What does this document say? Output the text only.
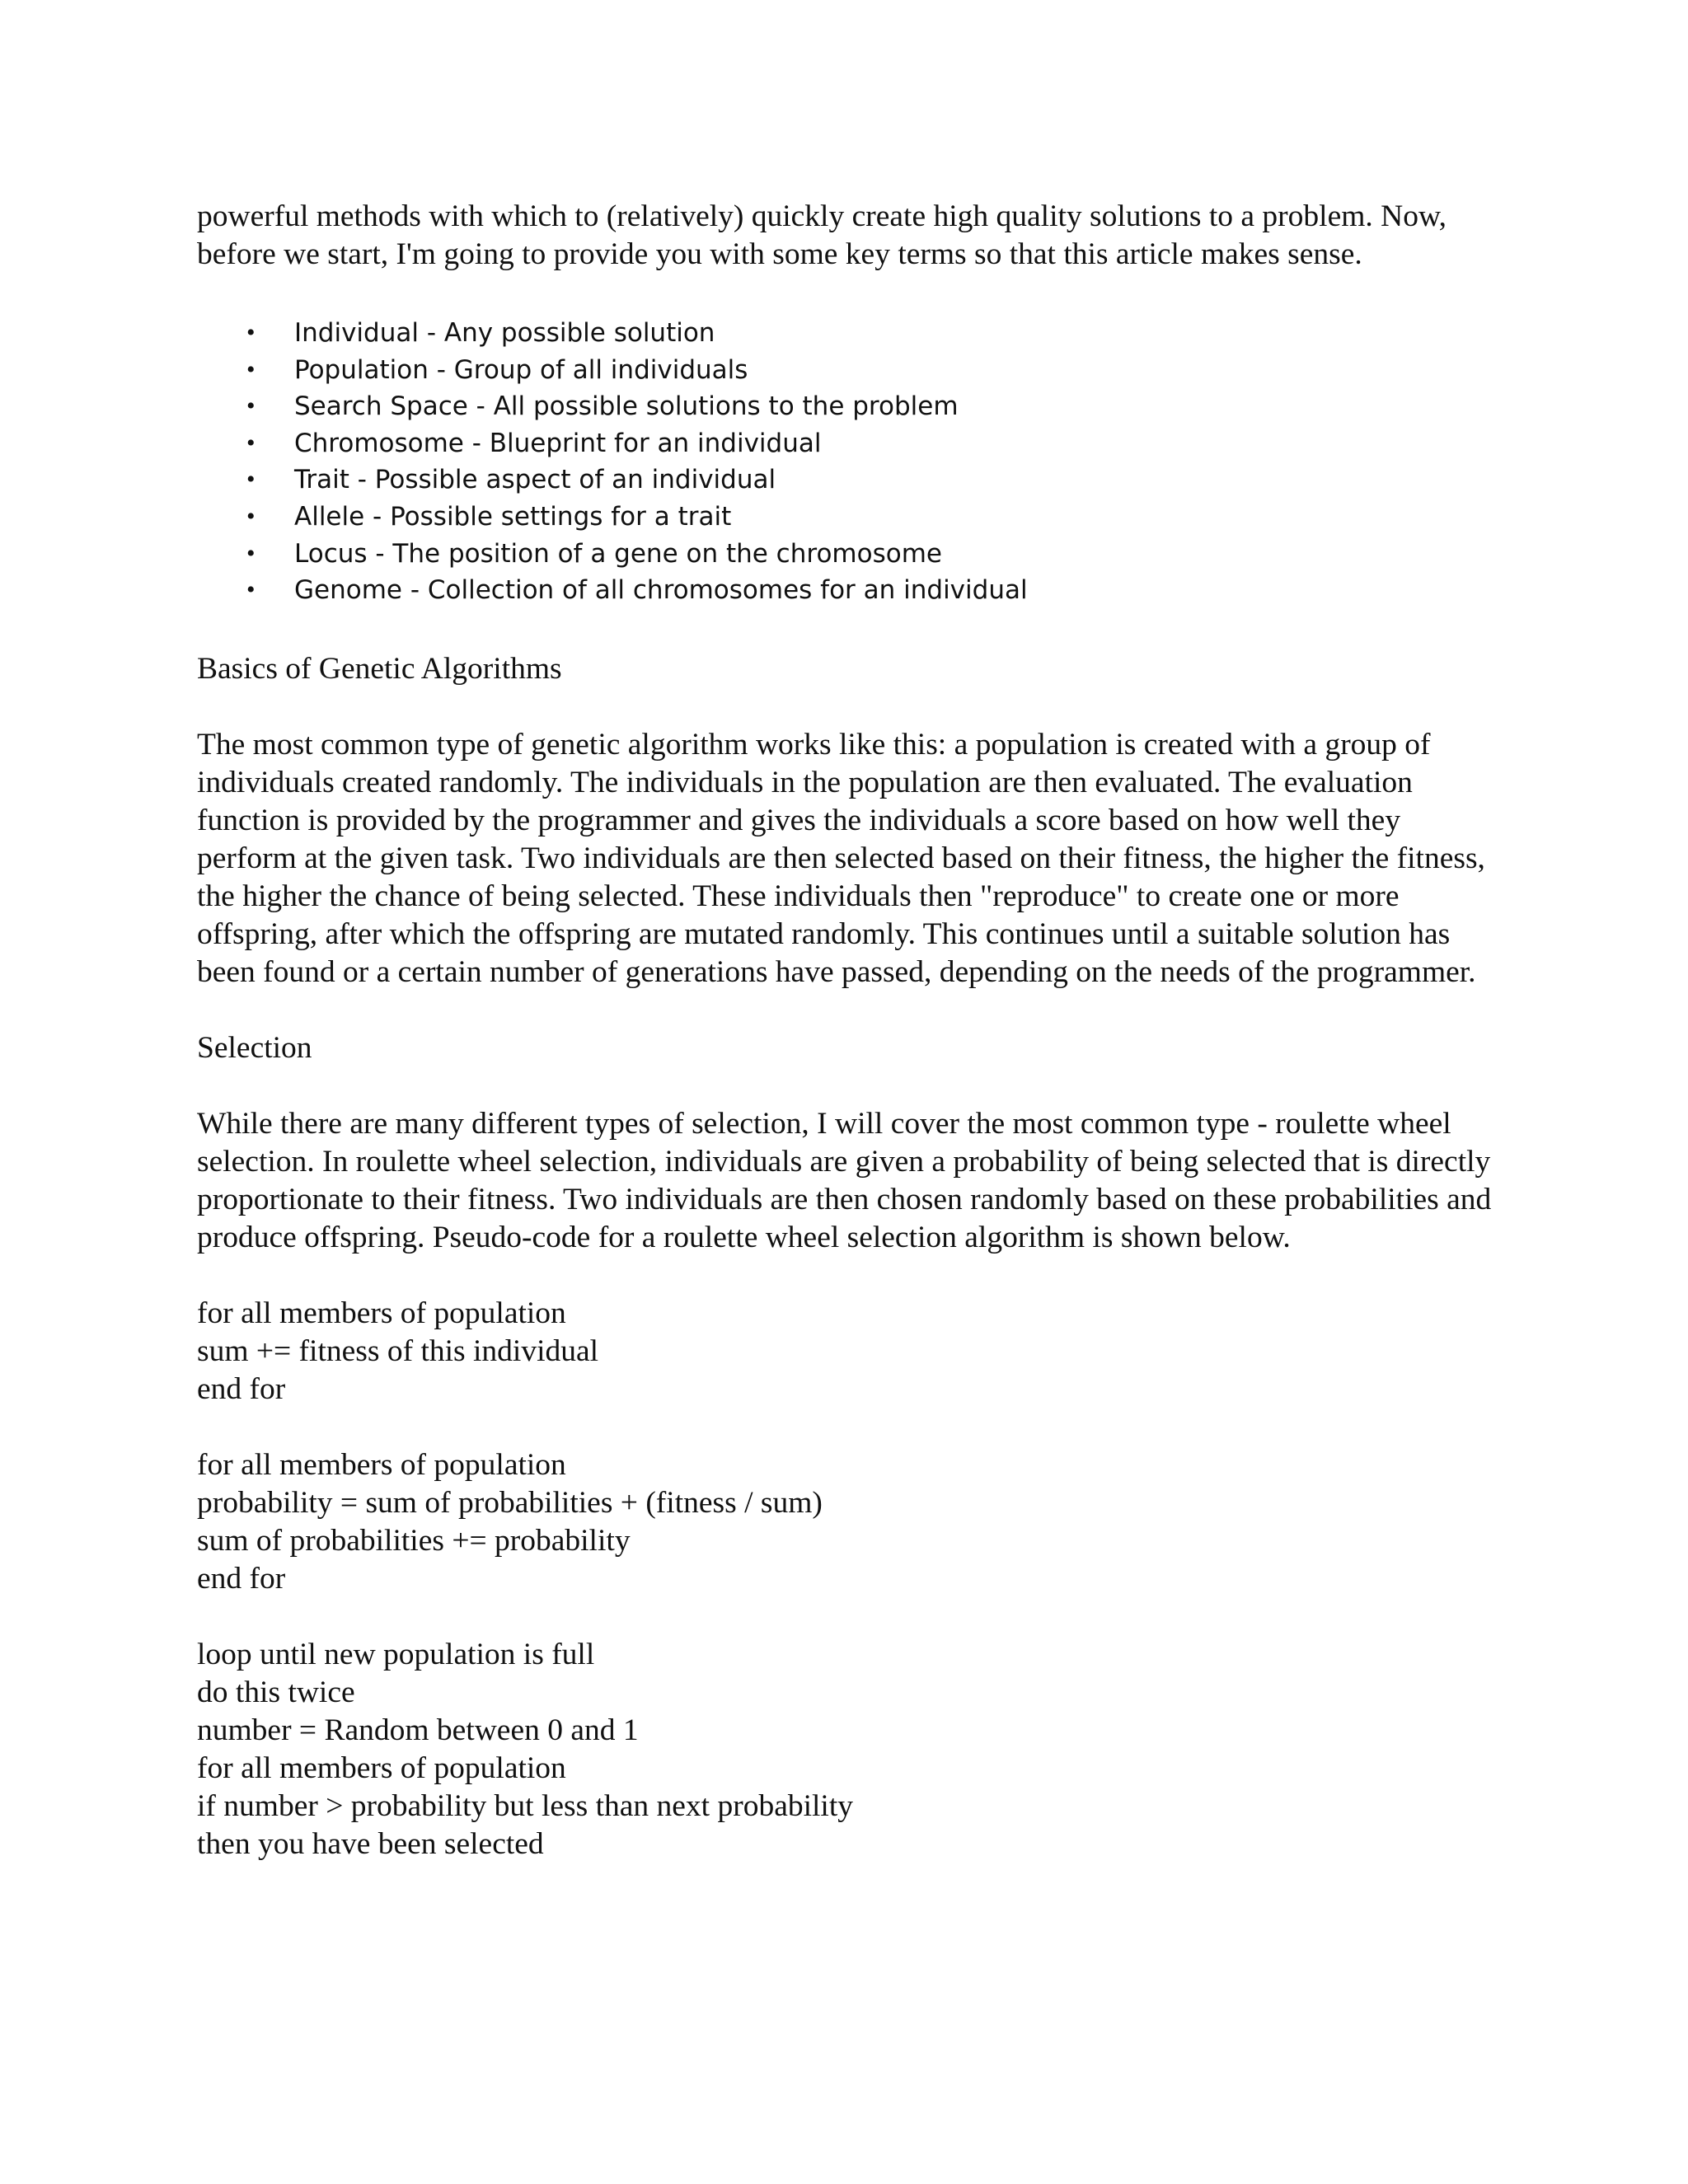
powerful methods with which to (relatively) quickly create high quality solutions to a problem. Now, before we start, I'm going to provide you with some key terms so that this article makes sense.

• Individual - Any possible solution
• Population - Group of all individuals
• Search Space - All possible solutions to the problem
• Chromosome - Blueprint for an individual
• Trait - Possible aspect of an individual
• Allele - Possible settings for a trait
• Locus - The position of a gene on the chromosome
• Genome - Collection of all chromosomes for an individual

Basics of Genetic Algorithms

The most common type of genetic algorithm works like this: a population is created with a group of individuals created randomly. The individuals in the population are then evaluated. The evaluation function is provided by the programmer and gives the individuals a score based on how well they perform at the given task. Two individuals are then selected based on their fitness, the higher the fitness, the higher the chance of being selected. These individuals then "reproduce" to create one or more offspring, after which the offspring are mutated randomly. This continues until a suitable solution has been found or a certain number of generations have passed, depending on the needs of the programmer.

Selection

While there are many different types of selection, I will cover the most common type - roulette wheel selection. In roulette wheel selection, individuals are given a probability of being selected that is directly proportionate to their fitness. Two individuals are then chosen randomly based on these probabilities and produce offspring. Pseudo-code for a roulette wheel selection algorithm is shown below.

for all members of population
sum += fitness of this individual
end for
for all members of population
probability = sum of probabilities + (fitness / sum)
sum of probabilities += probability
end for
loop until new population is full
do this twice
number = Random between 0 and 1
for all members of population
if number > probability but less than next probability
then you have been selected
